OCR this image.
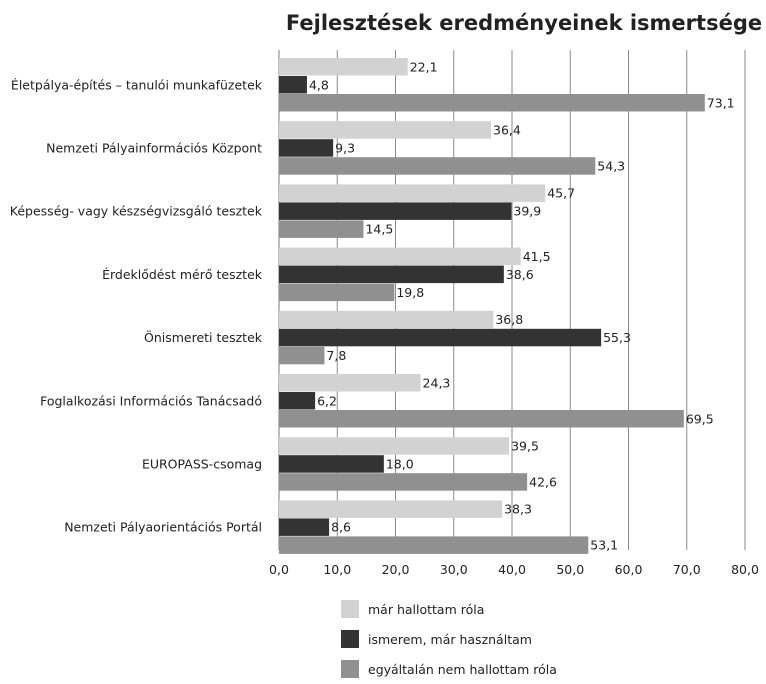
Fejlesztések eredményeinek ismertsége
22,1
4,8
73,1
36,4
9,3
54,3
45,7
39,9
14,5
41,5
38,6
19,8
36,8
55,3
7,8
24,3
6,2
69,5
39,5
18,0
42,6
38,3
8,6
53,1
Életpálya-építés – tanulói munkafüzetek
Nemzeti Pályainformációs Központ
Képesség- vagy készségvizsgáló tesztek
Érdeklődést mérő tesztek
Önismereti tesztek
Foglalkozási Információs Tanácsadó
EUROPASS-csomag
Nemzeti Pályaorientációs Portál
0,0	10,0 20,0 30,0 40,0 50,0 60,0 70,0 80,0
már hallottam róla
ismerem, már használtam
egyáltalán nem hallottam róla
